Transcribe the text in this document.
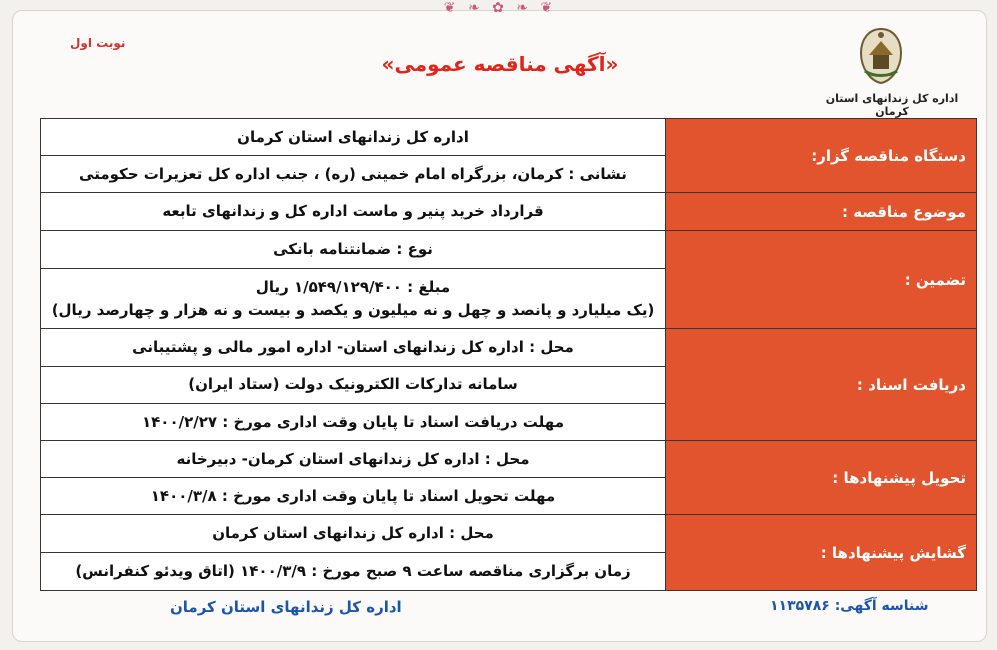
❦ ❧ ✿ ❧ ❦
اداره کل زندانهای استان کرمان
نوبت اول
«آگهی مناقصه عمومی»
دستگاه مناقصه گزار:	اداره کل زندانهای استان کرمان
	نشانی : کرمان، بزرگراه امام خمینی (ره) ، جنب اداره کل تعزیرات حکومتی
موضوع مناقصه :	قرارداد خرید پنیر و ماست اداره کل و زندانهای تابعه
تضمین :	نوع : ضمانتنامه بانکی

	مبلغ : ۱/۵۴۹/۱۲۹/۴۰۰ ریال
(یک میلیارد و پانصد و چهل و نه میلیون و یکصد و بیست و نه هزار و چهارصد ریال)

دریافت اسناد :	محل : اداره کل زندانهای استان- اداره امور مالی و پشتیبانی
	سامانه تدارکات الکترونیک دولت (ستاد ایران)
	مهلت دریافت اسناد تا پایان وقت اداری مورخ : ۱۴۰۰/۲/۲۷
تحویل پیشنهادها :	محل : اداره کل زندانهای استان کرمان- دبیرخانه
	مهلت تحویل اسناد تا پایان وقت اداری مورخ : ۱۴۰۰/۳/۸
گشایش پیشنهادها :	محل : اداره کل زندانهای استان کرمان
	زمان برگزاری مناقصه ساعت ۹ صبح مورخ : ۱۴۰۰/۳/۹ (اتاق ویدئو کنفرانس)
شناسه آگهی: ۱۱۳۵۷۸۶
اداره کل زندانهای استان کرمان
